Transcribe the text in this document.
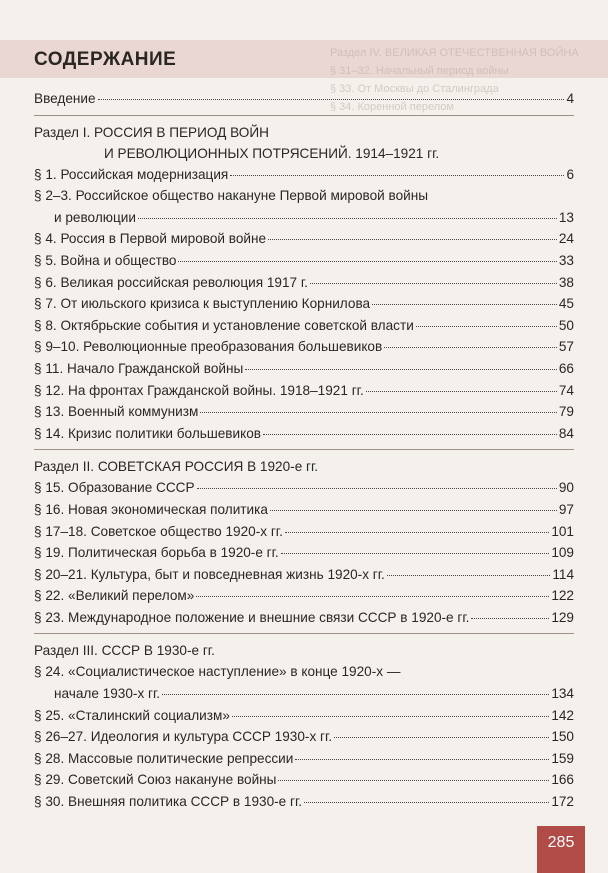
Раздел IV. ВЕЛИКАЯ ОТЕЧЕСТВЕННАЯ ВОЙНА
§ 31–32. Начальный период войны
§ 33. От Москвы до Сталинграда
§ 34. Коренной перелом
СОДЕРЖАНИЕ
Введение	4
Раздел I. РОССИЯ В ПЕРИОД ВОЙН
И РЕВОЛЮЦИОННЫХ ПОТРЯСЕНИЙ. 1914–1921 гг.
§ 1. Российская модернизация	6
§ 2–3. Российское общество накануне Первой мировой войны
и революции	13
§ 4. Россия в Первой мировой войне	24
§ 5. Война и общество	33
§ 6. Великая российская революция 1917 г.	38
§ 7. От июльского кризиса к выступлению Корнилова	45
§ 8. Октябрьские события и установление советской власти	50
§ 9–10. Революционные преобразования большевиков	57
§ 11. Начало Гражданской войны	66
§ 12. На фронтах Гражданской войны. 1918–1921 гг.	74
§ 13. Военный коммунизм	79
§ 14. Кризис политики большевиков	84
Раздел II. СОВЕТСКАЯ РОССИЯ В 1920-е гг.
§ 15. Образование СССР	90
§ 16. Новая экономическая политика	97
§ 17–18. Советское общество 1920-х гг.	101
§ 19. Политическая борьба в 1920-е гг.	109
§ 20–21. Культура, быт и повседневная жизнь 1920-х гг.	114
§ 22. «Великий перелом»	122
§ 23. Международное положение и внешние связи СССР в 1920-е гг.	129
Раздел III. СССР В 1930-е гг.
§ 24. «Социалистическое наступление» в конце 1920-х —
начале 1930-х гг.	134
§ 25. «Сталинский социализм»	142
§ 26–27. Идеология и культура СССР 1930-х гг.	150
§ 28. Массовые политические репрессии	159
§ 29. Советский Союз накануне войны	166
§ 30. Внешняя политика СССР в 1930-е гг.	172
285
